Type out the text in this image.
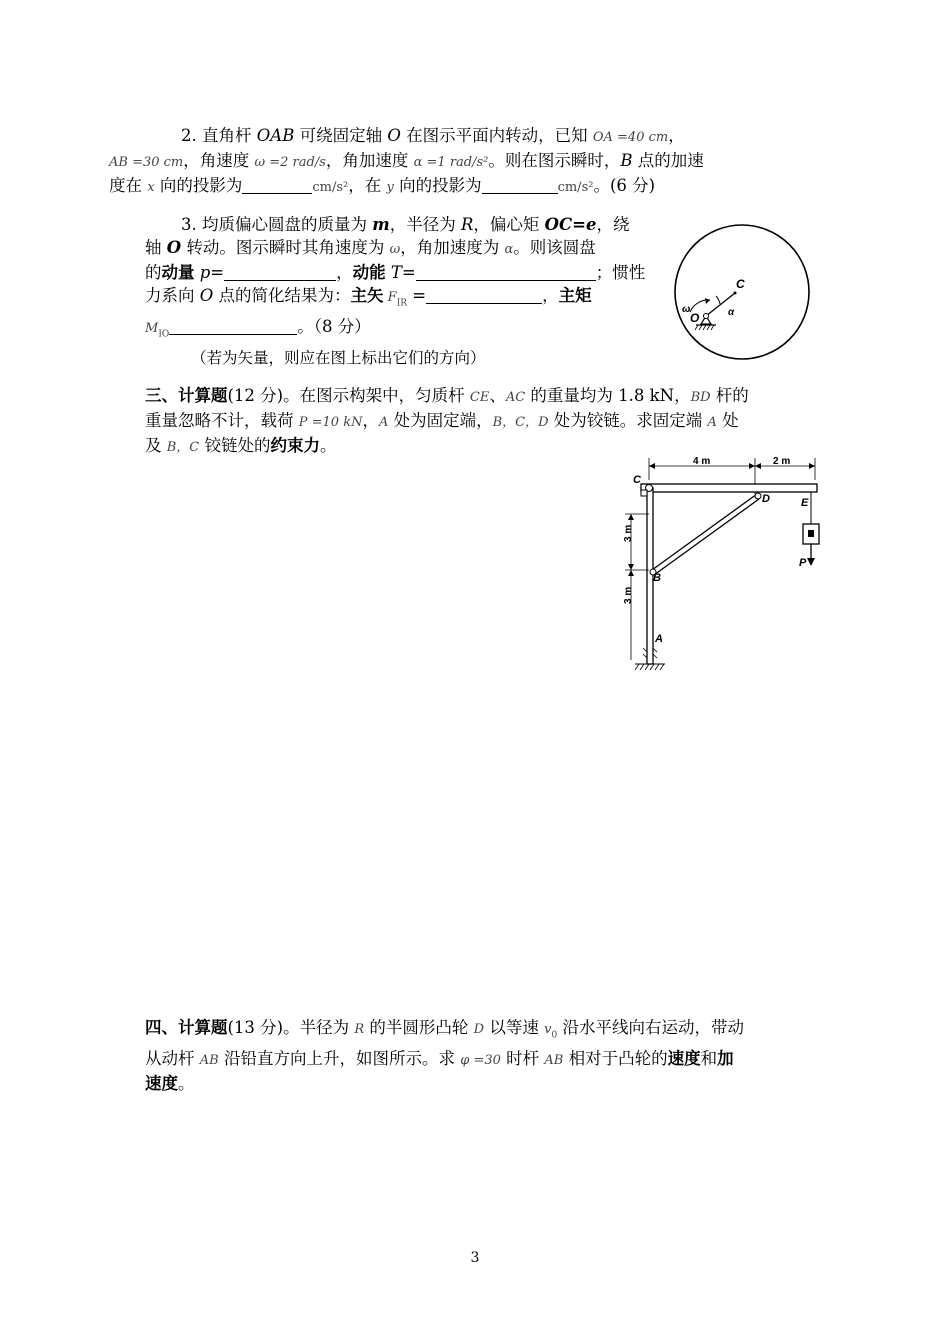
2. 直角杆 OAB 可绕固定轴 O 在图示平面内转动，已知 OA =40 cm，
AB =30 cm，角速度 ω =2 rad/s，角加速度 α =1 rad/s²。则在图示瞬时，B 点的加速
度在 x 向的投影为	cm/s²，在 y 向的投影为	cm/s²。(6 分)
3. 均质偏心圆盘的质量为 m，半径为 R，偏心矩 OC=e，绕
轴 O 转动。图示瞬时其角速度为 ω，角加速度为 α。则该圆盘
的动量 p=	，动能 T=	；惯性
力系向 O 点的简化结果为：主矢 $F_{IR}$ =	，主矩
$M_{IO}$	。（8 分）
（若为矢量，则应在图上标出它们的方向）
C
ω
O	α
三、计算题(12 分)。在图示构架中，匀质杆 CE、AC 的重量均为 1.8 kN，BD 杆的
重量忽略不计，载荷 P =10 kN，A 处为固定端，B，C，D 处为铰链。求固定端 A 处
及 B，C 铰链处的约束力。
4 m	2 m
3 m
3 m
C
D	E
B
A
P
四、计算题(13 分)。半径为 R 的半圆形凸轮 D 以等速 $v_0$ 沿水平线向右运动，带动
从动杆 AB 沿铅直方向上升，如图所示。求 φ =30 时杆 AB 相对于凸轮的速度和加
速度。
3
